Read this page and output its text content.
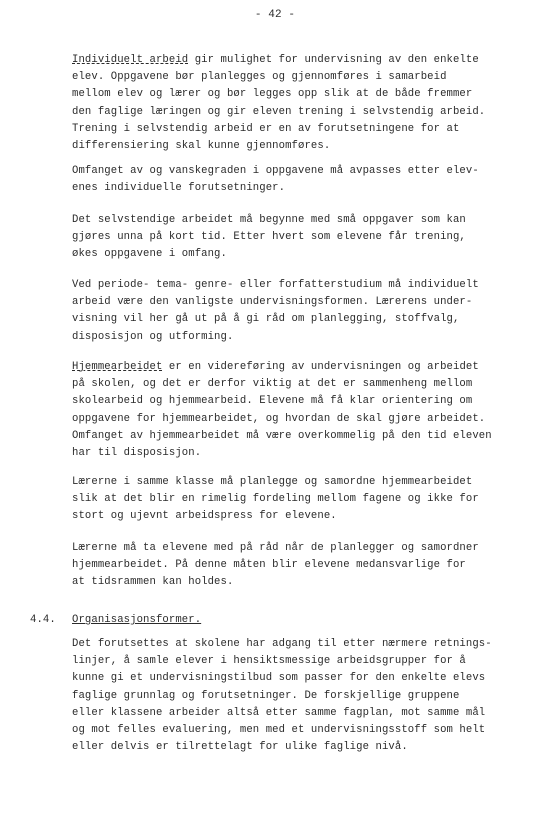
- 42 -

Individuelt arbeid gir mulighet for undervisning av den enkelte
elev. Oppgavene bør planlegges og gjennomføres i samarbeid
mellom elev og lærer og bør legges opp slik at de både fremmer
den faglige læringen og gir eleven trening i selvstendig arbeid.
Trening i selvstendig arbeid er en av forutsetningene for at
differensiering skal kunne gjennomføres.

Omfanget av og vanskegraden i oppgavene må avpasses etter elev-
enes individuelle forutsetninger.

Det selvstendige arbeidet må begynne med små oppgaver som kan
gjøres unna på kort tid. Etter hvert som elevene får trening,
økes oppgavene i omfang.

Ved periode- tema- genre- eller forfatterstudium må individuelt
arbeid være den vanligste undervisningsformen. Lærerens under-
visning vil her gå ut på å gi råd om planlegging, stoffvalg,
disposisjon og utforming.

Hjemmearbeidet er en videreføring av undervisningen og arbeidet
på skolen, og det er derfor viktig at det er sammenheng mellom
skolearbeid og hjemmearbeid. Elevene må få klar orientering om
oppgavene for hjemmearbeidet, og hvordan de skal gjøre arbeidet.
Omfanget av hjemmearbeidet må være overkommelig på den tid eleven
har til disposisjon.

Lærerne i samme klasse må planlegge og samordne hjemmearbeidet
slik at det blir en rimelig fordeling mellom fagene og ikke for
stort og ujevnt arbeidspress for elevene.

Lærerne må ta elevene med på råd når de planlegger og samordner
hjemmearbeidet. På denne måten blir elevene medansvarlige for
at tidsrammen kan holdes.

4.4. Organisasjonsformer.

Det forutsettes at skolene har adgang til etter nærmere retnings-
linjer, å samle elever i hensiktsmessige arbeidsgrupper for å
kunne gi et undervisningstilbud som passer for den enkelte elevs
faglige grunnlag og forutsetninger. De forskjellige gruppene
eller klassene arbeider altså etter samme fagplan, mot samme mål
og mot felles evaluering, men med et undervisningsstoff som helt
eller delvis er tilrettelagt for ulike faglige nivå.
